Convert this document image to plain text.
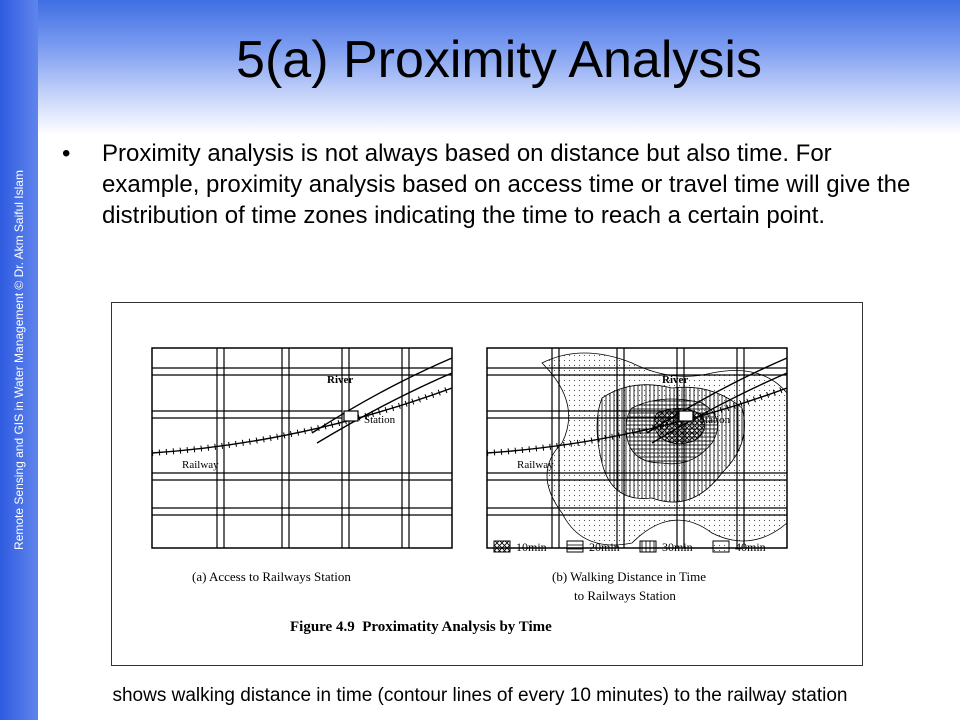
Remote Sensing and GIS in Water Management © Dr. Akm Saiful Islam
5(a) Proximity Analysis
• Proximity analysis is not always based on distance but also time. For example, proximity analysis based on access time or travel time will give the distribution of time zones indicating the time to reach a certain point.

River
Station
Railway
River
Station
Railway
10min	20min	30min	40min
(a) Access to Railways Station	(b) Walking Distance in Time
to Railways Station
Figure 4.9  Proximatity Analysis by Time
shows walking distance in time (contour lines of every 10 minutes) to the railway station
